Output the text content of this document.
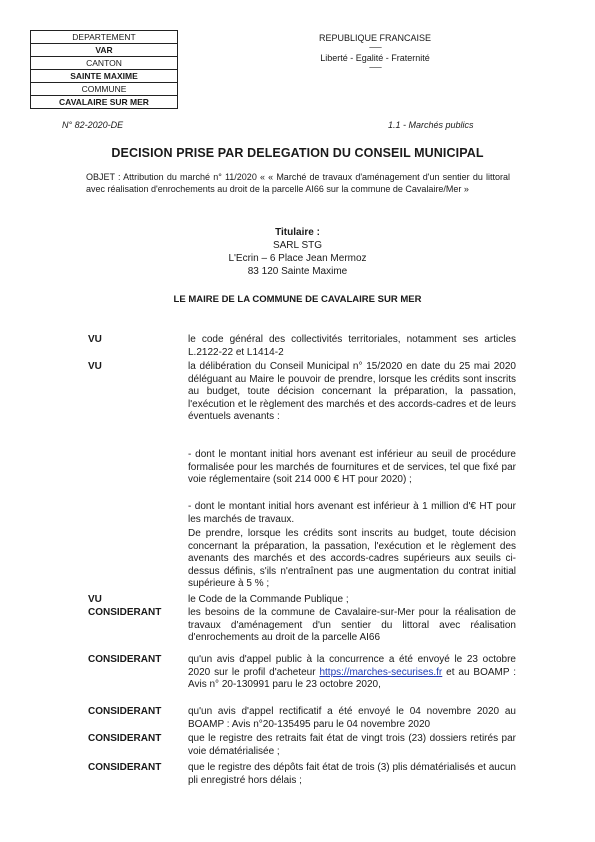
DEPARTEMENT
VAR
CANTON
SAINTE MAXIME
COMMUNE
CAVALAIRE SUR MER
REPUBLIQUE FRANCAISE
------------
Liberté - Egalité - Fraternité
------------
N° 82-2020-DE	1.1 - Marchés publics
DECISION PRISE PAR DELEGATION DU CONSEIL MUNICIPAL
OBJET : Attribution du marché n° 11/2020 « « Marché de travaux d'aménagement d'un sentier du littoral avec réalisation d'enrochements au droit de la parcelle AI66 sur la commune de Cavalaire/Mer »
Titulaire :
SARL STG
L'Ecrin – 6 Place Jean Mermoz
83 120 Sainte Maxime
LE MAIRE DE LA COMMUNE DE CAVALAIRE SUR MER
VU	le code général des collectivités territoriales, notamment ses articles L.2122-22 et L1414-2
VU	la délibération du Conseil Municipal n° 15/2020 en date du 25 mai 2020 déléguant au Maire le pouvoir de prendre, lorsque les crédits sont inscrits au budget, toute décision concernant la préparation, la passation, l'exécution et le règlement des marchés et des accords-cadres et de leurs éventuels avenants :
- dont le montant initial hors avenant est inférieur au seuil de procédure formalisée pour les marchés de fournitures et de services, tel que fixé par voie réglementaire (soit 214 000 € HT pour 2020) ;
- dont le montant initial hors avenant est inférieur à 1 million d'€ HT pour les marchés de travaux.
De prendre, lorsque les crédits sont inscrits au budget, toute décision concernant la préparation, la passation, l'exécution et le règlement des avenants des marchés et des accords-cadres supérieurs aux seuils ci-dessus définis, s'ils n'entraînent pas une augmentation du contrat initial supérieure à 5 % ;
VU	le Code de la Commande Publique ;
CONSIDERANT	les besoins de la commune de Cavalaire-sur-Mer pour la réalisation de travaux d'aménagement d'un sentier du littoral avec réalisation d'enrochements au droit de la parcelle AI66
CONSIDERANT	qu'un avis d'appel public à la concurrence a été envoyé le 23 octobre 2020 sur le profil d'acheteur https://marches-securises.fr et au BOAMP : Avis n° 20-130991 paru le 23 octobre 2020,
CONSIDERANT	qu'un avis d'appel rectificatif a été envoyé le 04 novembre 2020 au BOAMP : Avis n°20-135495 paru le 04 novembre 2020
CONSIDERANT	que le registre des retraits fait état de vingt trois (23) dossiers retirés par voie dématérialisée ;
CONSIDERANT	que le registre des dépôts fait état de trois (3) plis dématérialisés et aucun pli enregistré hors délais ;
